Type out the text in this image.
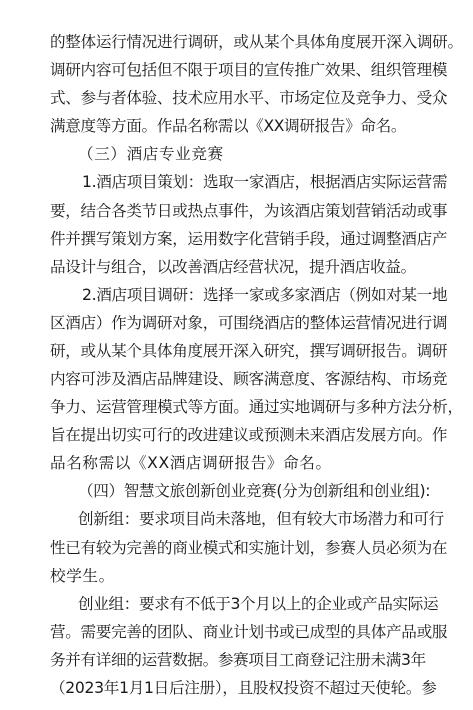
的整体运行情况进行调研，或从某个具体角度展开深入调研。
调研内容可包括但不限于项目的宣传推广效果、组织管理模
式、参与者体验、技术应用水平、市场定位及竞争力、受众
满意度等方面。作品名称需以《XX调研报告》命名。
（三）酒店专业竞赛
1.酒店项目策划：选取一家酒店，根据酒店实际运营需
要，结合各类节日或热点事件，为该酒店策划营销活动或事
件并撰写策划方案，运用数字化营销手段，通过调整酒店产
品设计与组合，以改善酒店经营状况，提升酒店收益。
2.酒店项目调研：选择一家或多家酒店（例如对某一地
区酒店）作为调研对象，可围绕酒店的整体运营情况进行调
研，或从某个具体角度展开深入研究，撰写调研报告。调研
内容可涉及酒店品牌建设、顾客满意度、客源结构、市场竞
争力、运营管理模式等方面。通过实地调研与多种方法分析，
旨在提出切实可行的改进建议或预测未来酒店发展方向。作
品名称需以《XX酒店调研报告》命名。
（四）智慧文旅创新创业竞赛(分为创新组和创业组):
创新组：要求项目尚未落地，但有较大市场潜力和可行
性已有较为完善的商业模式和实施计划，参赛人员必须为在
校学生。
创业组：要求有不低于3个月以上的企业或产品实际运
营。需要完善的团队、商业计划书或已成型的具体产品或服
务并有详细的运营数据。参赛项目工商登记注册未满3年
（2023年1月1日后注册），且股权投资不超过天使轮。参
